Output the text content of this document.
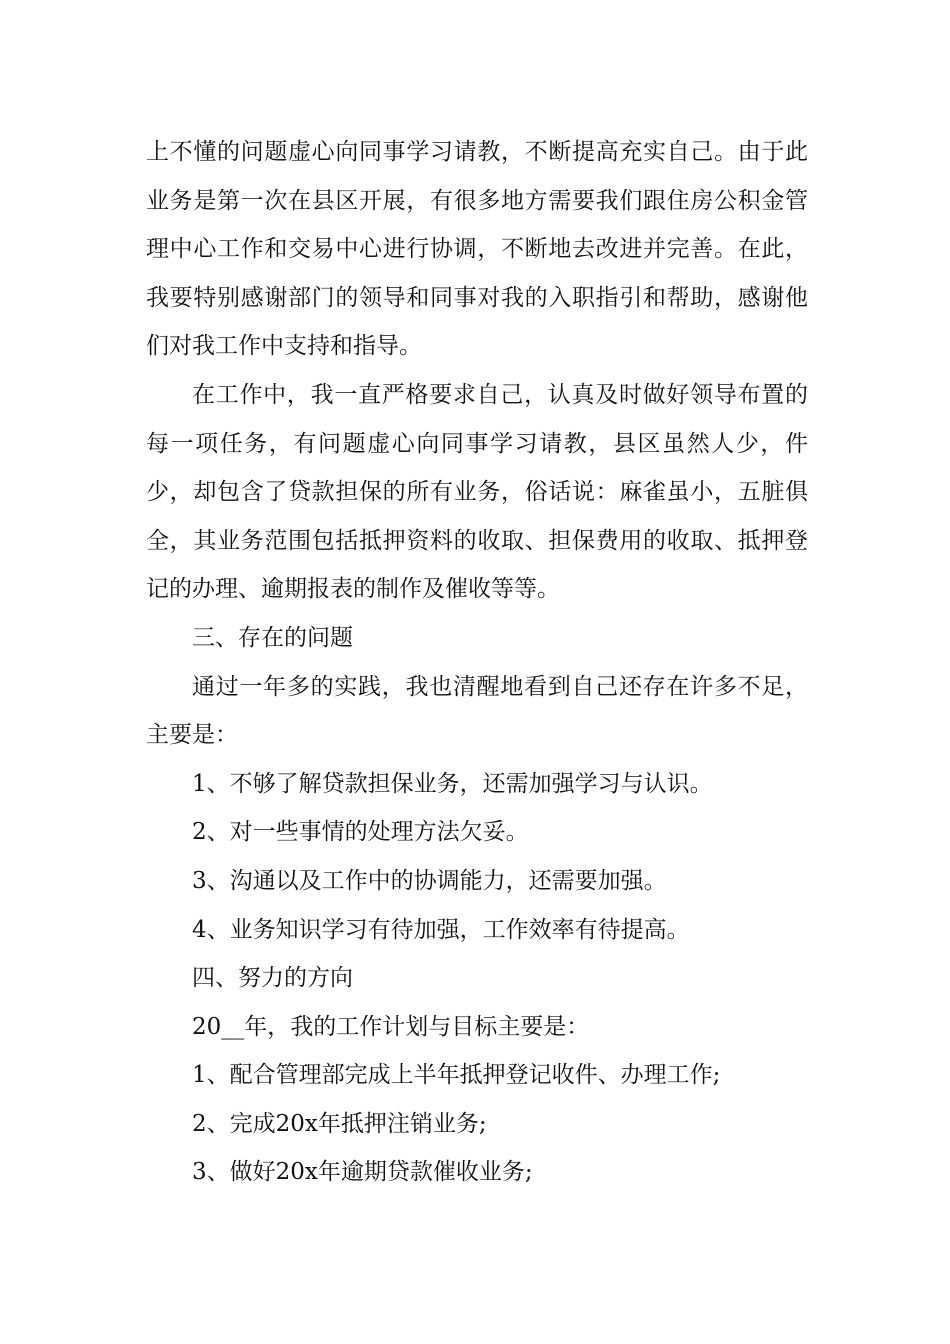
上不懂的问题虚心向同事学习请教，不断提高充实自己。由于此业务是第一次在县区开展，有很多地方需要我们跟住房公积金管理中心工作和交易中心进行协调，不断地去改进并完善。在此，我要特别感谢部门的领导和同事对我的入职指引和帮助，感谢他们对我工作中支持和指导。

在工作中，我一直严格要求自己，认真及时做好领导布置的每一项任务，有问题虚心向同事学习请教，县区虽然人少，件少，却包含了贷款担保的所有业务，俗话说：麻雀虽小，五脏俱全，其业务范围包括抵押资料的收取、担保费用的收取、抵押登记的办理、逾期报表的制作及催收等等。

三、存在的问题

通过一年多的实践，我也清醒地看到自己还存在许多不足，主要是：

1、不够了解贷款担保业务，还需加强学习与认识。

2、对一些事情的处理方法欠妥。

3、沟通以及工作中的协调能力，还需要加强。

4、业务知识学习有待加强，工作效率有待提高。

四、努力的方向

20__年，我的工作计划与目标主要是：

1、配合管理部完成上半年抵押登记收件、办理工作;

2、完成20x年抵押注销业务;

3、做好20x年逾期贷款催收业务;
